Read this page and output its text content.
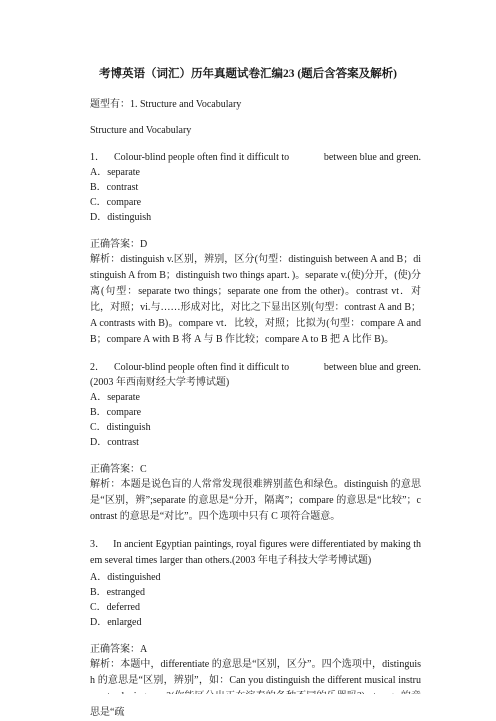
考博英语（词汇）历年真题试卷汇编23 (题后含答案及解析)
题型有：1. Structure and Vocabulary
Structure and Vocabulary
1． Colour-blind people often find it difficult to	between blue and green.
A．separate
B．contrast
C．compare
D．distinguish
正确答案：D
解析：distinguish v.区别，辨别，区分(句型：distinguish between A and B；distinguish A from B；distinguish two things apart．)。separate v.(使)分开，(使)分离(句型：separate two things；separate one from the other)。contrast vt．对比，对照；vi.与……形成对比，对比之下显出区别(句型：contrast A and B；A contrasts with B)。compare vt．比较，对照；比拟为(句型：compare A and B；compare A with B 将 A 与 B 作比较；compare A to B 把 A 比作 B)。
2． Colour-blind people often find it difficult to	between blue and green.
(2003 年西南财经大学考博试题)
A．separate
B．compare
C．distinguish
D．contrast
正确答案：C
解析：本题是说色盲的人常常发现很难辨别蓝色和绿色。distinguish 的意思是“区别，辨”;separate 的意思是“分开，隔离”；compare 的意思是“比较”；contrast 的意思是“对比”。四个选项中只有 C 项符合题意。
3． In ancient Egyptian paintings, royal figures were differentiated by making them several times larger than others.(2003 年电子科技大学考博试题)
A．distinguished
B．estranged
C．deferred
D．enlarged
正确答案：A
解析：本题中，differentiate 的意思是“区别，区分”。四个选项中，distinguish 的意思是“区别，辨别”，如：Can you distinguish the different musical instru 思是“疏
